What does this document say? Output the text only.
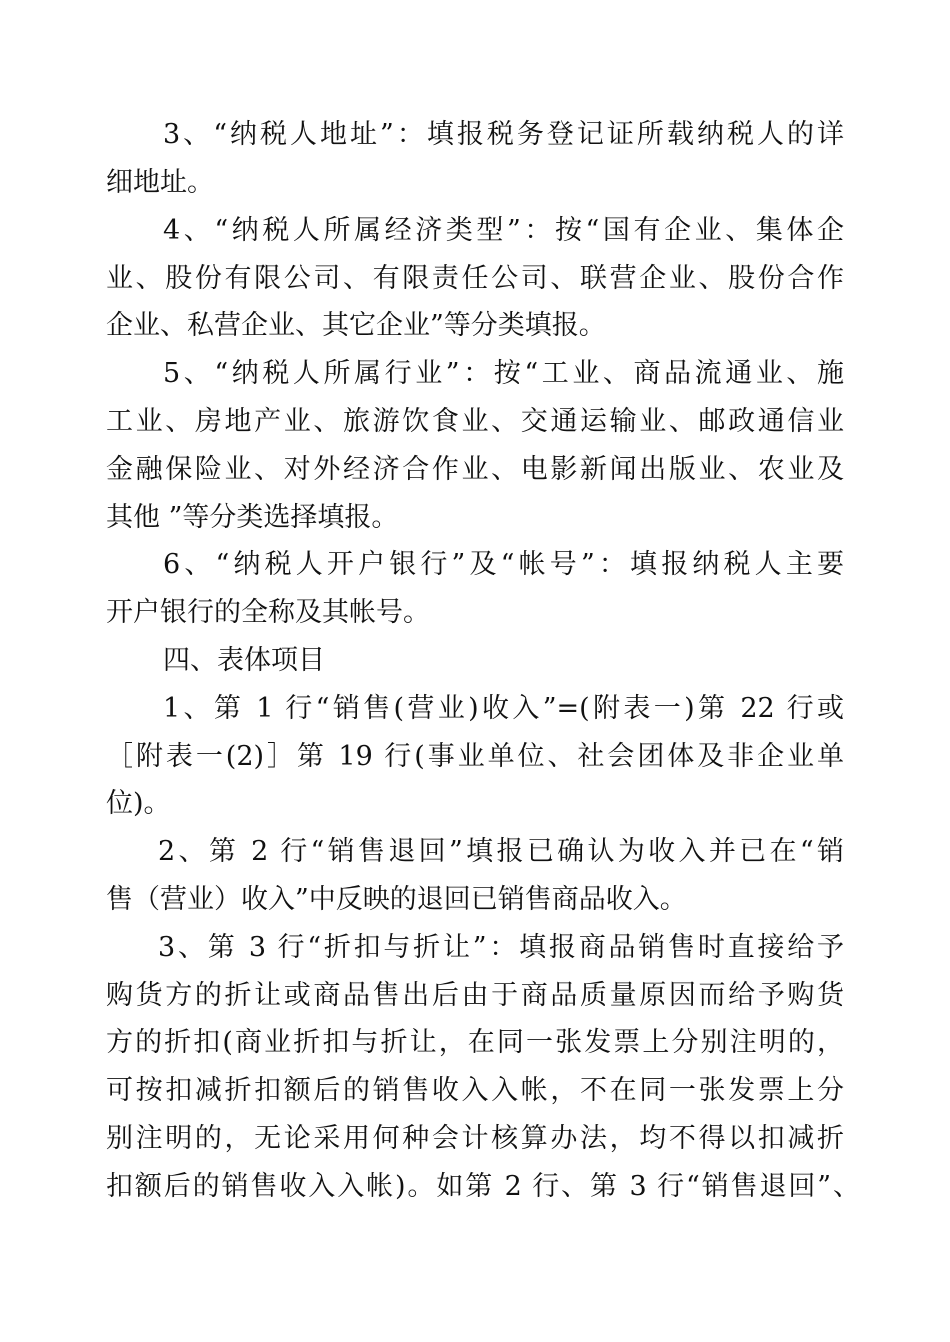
3、“纳税人地址”：填报税务登记证所载纳税人的详
细地址。
4、“纳税人所属经济类型”：按“国有企业、集体企
业、股份有限公司、有限责任公司、联营企业、股份合作
企业、私营企业、其它企业”等分类填报。
5、“纳税人所属行业”：按“工业、商品流通业、施
工业、房地产业、旅游饮食业、交通运输业、邮政通信业
金融保险业、对外经济合作业、电影新闻出版业、农业及
其他 ”等分类选择填报。
6、“纳税人开户银行”及“帐号”：填报纳税人主要
开户银行的全称及其帐号。
四、表体项目
1、第 1 行“销售(营业)收入”=(附表一)第 22 行或
［附表一(2)］第 19 行(事业单位、社会团体及非企业单
位)。
2、第 2 行“销售退回”填报已确认为收入并已在“销
售（营业）收入”中反映的退回已销售商品收入。
3、第 3 行“折扣与折让”：填报商品销售时直接给予
购货方的折让或商品售出后由于商品质量原因而给予购货
方的折扣(商业折扣与折让，在同一张发票上分别注明的，
可按扣减折扣额后的销售收入入帐，不在同一张发票上分
别注明的，无论采用何种会计核算办法，均不得以扣减折
扣额后的销售收入入帐)。如第 2 行、第 3 行“销售退回”、
